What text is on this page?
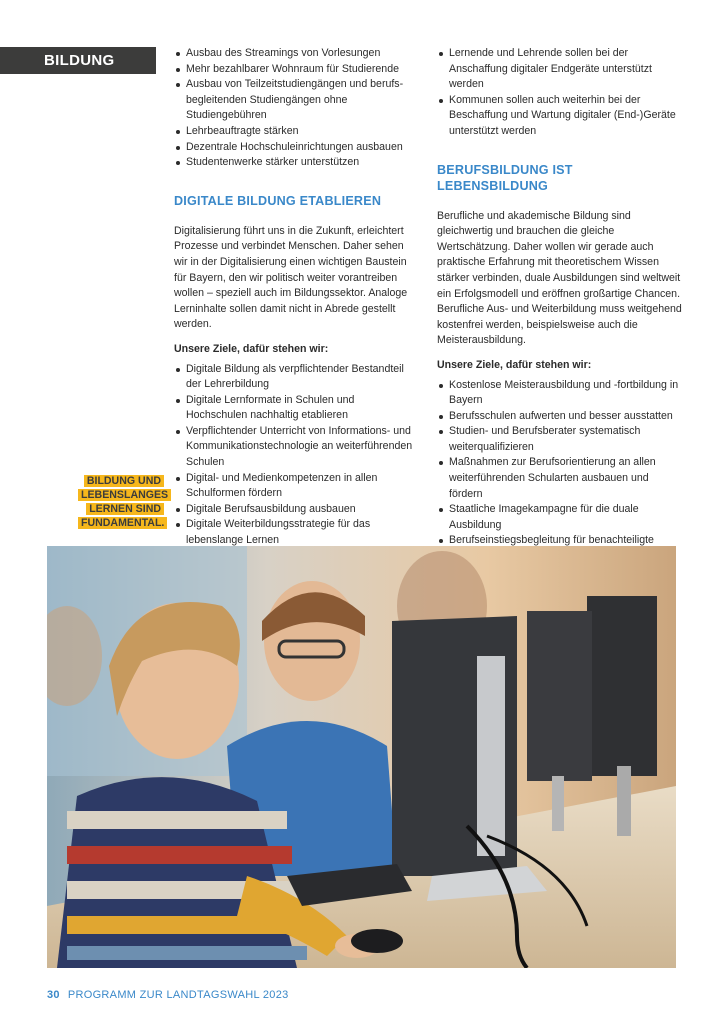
BILDUNG	Ausbau des Streamings von Vorlesungen
Mehr bezahlbarer Wohnraum für Studierende
Ausbau von Teilzeitstudiengängen und berufs-begleitenden Studiengängen ohne Studiengebühren
Lehrbeauftragte stärken
Dezentrale Hochschuleinrichtungen ausbauen
Studentenwerke stärker unterstützen
DIGITALE BILDUNG ETABLIEREN

Digitalisierung führt uns in die Zukunft, erleichtert Prozesse und verbindet Menschen. Daher sehen wir in der Digitalisierung einen wichtigen Baustein für Bayern, den wir politisch weiter vorantreiben wollen – speziell auch im Bildungssektor. Analoge Lerninhalte sollen damit nicht in Abrede gestellt werden.

Unsere Ziele, dafür stehen wir:

Digitale Bildung als verpflichtender Bestandteil der Lehrerbildung
Digitale Lernformate in Schulen und Hochschulen nachhaltig etablieren
Verpflichtender Unterricht von Informations- und Kommunikationstechnologie an weiterführenden Schulen
Digital- und Medienkompetenzen in allen Schulformen fördern
Digitale Berufsausbildung ausbauen
Digitale Weiterbildungsstrategie für das lebenslange Lernen
Lernende und Lehrende sollen bei der Anschaffung digitaler Endgeräte unterstützt werden
Kommunen sollen auch weiterhin bei der Beschaffung und Wartung digitaler (End-)Geräte unterstützt werden
BERUFSBILDUNG IST LEBENSBILDUNG

Berufliche und akademische Bildung sind gleichwertig und brauchen die gleiche Wertschätzung. Daher wollen wir gerade auch praktische Erfahrung mit theoretischem Wissen stärker verbinden, duale Ausbildungen sind weltweit ein Erfolgsmodell und eröffnen großartige Chancen. Berufliche Aus- und Weiterbildung muss weitgehend kostenfrei werden, beispielsweise auch die Meisterausbildung.

Unsere Ziele, dafür stehen wir:

Kostenlose Meisterausbildung und -fortbildung in Bayern
Berufsschulen aufwerten und besser ausstatten
Studien- und Berufsberater systematisch weiterqualifizieren
Maßnahmen zur Berufsorientierung an allen weiterführenden Schularten ausbauen und fördern
Staatliche Imagekampagne für die duale Ausbildung
Berufseinstiegsbegleitung für benachteiligte
BILDUNG UND
LEBENSLANGES
LERNEN SIND
FUNDAMENTAL.
30 PROGRAMM ZUR LANDTAGSWAHL 2023
